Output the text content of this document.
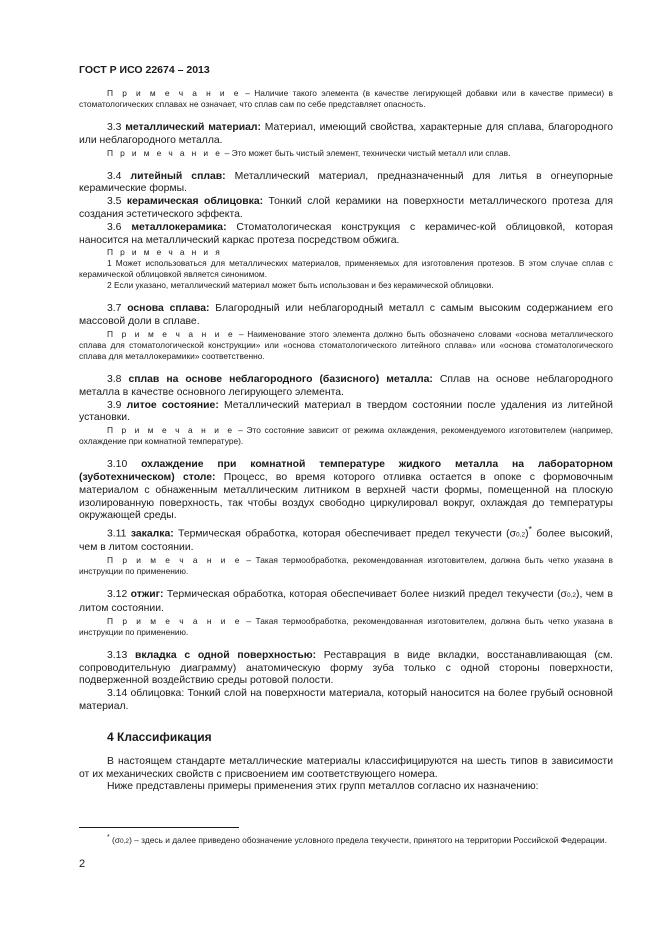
ГОСТ Р ИСО 22674 – 2013

П р и м е ч а н и е – Наличие такого элемента (в качестве легирующей добавки или в качестве примеси) в стоматологических сплавах не означает, что сплав сам по себе представляет опасность.

3.3 металлический материал: Материал, имеющий свойства, характерные для сплава, благородного или неблагородного металла.

П р и м е ч а н и е – Это может быть чистый элемент, технически чистый металл или сплав.

3.4 литейный сплав: Металлический материал, предназначенный для литья в огнеупорные керамические формы.

3.5 керамическая облицовка: Тонкий слой керамики на поверхности металлического протеза для создания эстетического эффекта.

3.6 металлокерамика: Стоматологическая конструкция с керамичес-кой облицовкой, которая наносится на металлический каркас протеза посредством обжига.

П р и м е ч а н и я

1 Может использоваться для металлических материалов, применяемых для изготовления протезов. В этом случае сплав с керамической облицовкой является синонимом.

2 Если указано, металлический материал может быть использован и без керамической облицовки.

3.7 основа сплава: Благородный или неблагородный металл с самым высоким содержанием его массовой доли в сплаве.

П р и м е ч а н и е – Наименование этого элемента должно быть обозначено словами «основа металлического сплава для стоматологической конструкции» или «основа стоматологического литейного сплава» или «основа стоматологического сплава для металлокерамики» соответственно.

3.8 сплав на основе неблагородного (базисного) металла: Сплав на основе неблагородного металла в качестве основного легирующего элемента.

3.9 литое состояние: Металлический материал в твердом состоянии после удаления из литейной установки.

П р и м е ч а н и е – Это состояние зависит от режима охлаждения, рекомендуемого изготовителем (например, охлаждение при комнатной температуре).

3.10 охлаждение при комнатной температуре жидкого металла на лабораторном (зуботехническом) столе: Процесс, во время которого отливка остается в опоке с формовочным материалом с обнаженным металлическим литником в верхней части формы, помещенной на плоскую изолированную поверхность, так чтобы воздух свободно циркулировал вокруг, охлаждая до температуры окружающей среды.

3.11 закалка: Термическая обработка, которая обеспечивает предел текучести (σ0,2)* более высокий, чем в литом состоянии.

П р и м е ч а н и е – Такая термообработка, рекомендованная изготовителем, должна быть четко указана в инструкции по применению.

3.12 отжиг: Термическая обработка, которая обеспечивает более низкий предел текучести (σ0,2), чем в литом состоянии.

П р и м е ч а н и е – Такая термообработка, рекомендованная изготовителем, должна быть четко указана в инструкции по применению.

3.13 вкладка с одной поверхностью: Реставрация в виде вкладки, восстанавливающая (см. сопроводительную диаграмму) анатомическую форму зуба только с одной стороны поверхности, подверженной воздействию среды ротовой полости.

3.14 облицовка: Тонкий слой на поверхности материала, который наносится на более грубый основной материал.

4 Классификация

В настоящем стандарте металлические материалы классифицируются на шесть типов в зависимости от их механических свойств с присвоением им соответствующего номера.

Ниже представлены примеры применения этих групп металлов согласно их назначению:

* (σ0,2) – здесь и далее приведено обозначение условного предела текучести, принятого на территории Российской Федерации.

2
